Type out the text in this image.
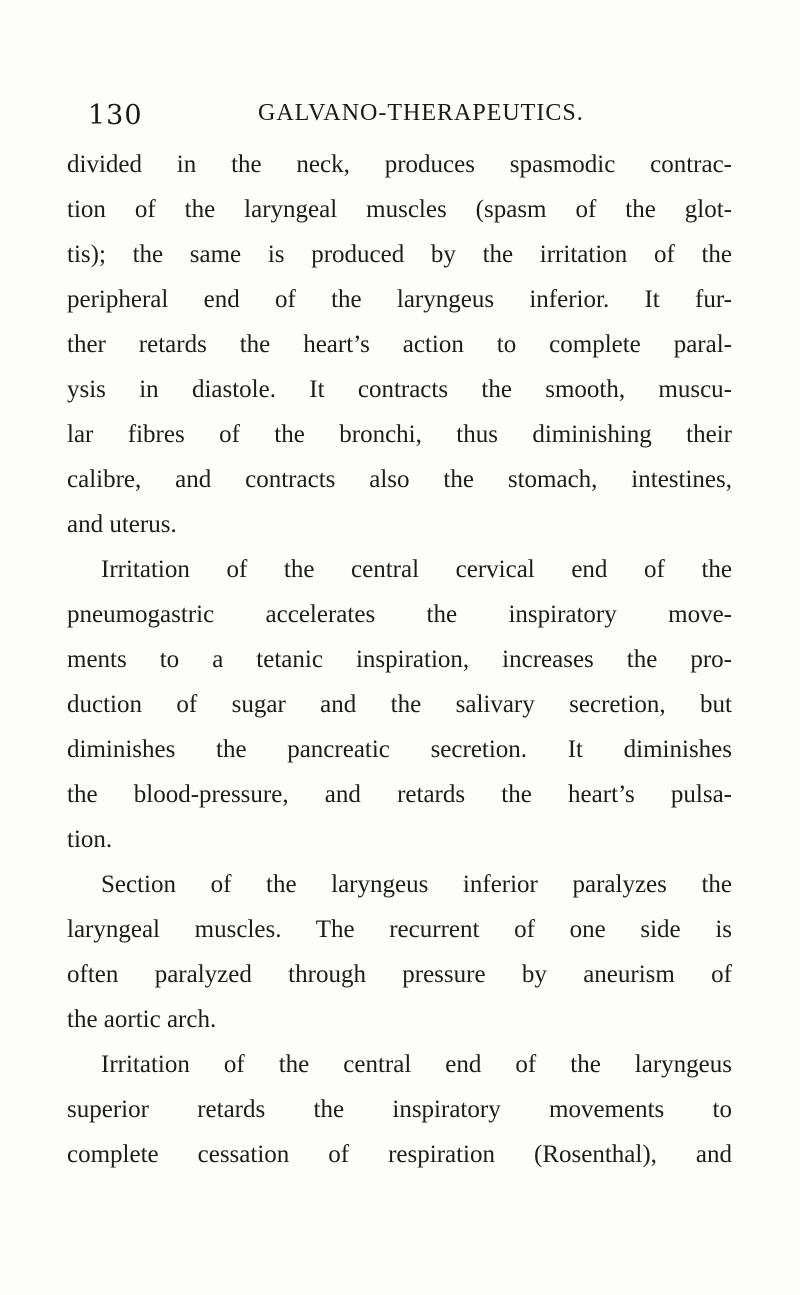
130	GALVANO-THERAPEUTICS.
divided in the neck, produces spasmodic contrac-
tion of the laryngeal muscles (spasm of the glot-
tis); the same is produced by the irritation of the
peripheral end of the laryngeus inferior. It fur-
ther retards the heart’s action to complete paral-
ysis in diastole. It contracts the smooth, muscu-
lar fibres of the bronchi, thus diminishing their
calibre, and contracts also the stomach, intestines,
and uterus.
Irritation of the central cervical end of the
pneumogastric accelerates the inspiratory move-
ments to a tetanic inspiration, increases the pro-
duction of sugar and the salivary secretion, but
diminishes the pancreatic secretion. It diminishes
the blood-pressure, and retards the heart’s pulsa-
tion.
Section of the laryngeus inferior paralyzes the
laryngeal muscles. The recurrent of one side is
often paralyzed through pressure by aneurism of
the aortic arch.
Irritation of the central end of the laryngeus
superior retards the inspiratory movements to
complete cessation of respiration (Rosenthal), and
